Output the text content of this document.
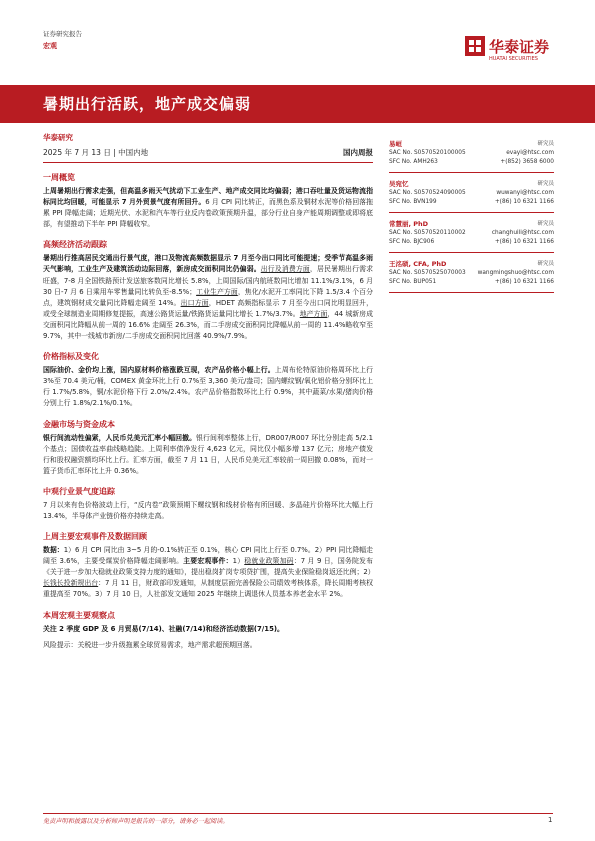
证券研究报告
宏观	华泰证券
HUATAI SECURITIES
暑期出行活跃，地产成交偏弱
华泰研究
2025 年 7 月 13 日 | 中国内地	国内周报
一周概览

上周暑期出行需求走强，但高温多雨天气扰动下工业生产、地产成交同比均偏弱；港口吞吐量及货运物流指标同比均回暖，可能显示 7 月外贸景气度有所回升。6 月 CPI 同比转正，而黑色系及铜材水泥等价格回落拖累 PPI 降幅走阔；近期光伏、水泥和汽车等行业反内卷政策预期升温，部分行业自身产能周期调整或即将底部，有望推动下半年 PPI 降幅收窄。

高频经济活动跟踪

暑期出行推高居民交通出行景气度，港口及物流高频数据显示 7 月至今出口同比可能提速；受季节高温多雨天气影响，工业生产及建筑活动边际回落，新房成交面积同比仍偏弱。出行及消费方面，居民暑期出行需求旺盛，7-8 月全国铁路预计发送旅客数同比增长 5.8%，上周国际/国内航班数同比增加 11.1%/3.1%，6 月 30 日-7 月 6 日乘用车零售量同比转负至-8.5%；工业生产方面，焦化/水泥开工率同比下降 1.5/3.4 个百分点，建筑钢材成交量同比降幅走阔至 14%。出口方面，HDET 高频指标显示 7 月至今出口同比明显回升，或受全球制造业周期修复提振，高速公路货运量/铁路货运量同比增长 1.7%/3.7%。地产方面，44 城新房成交面积同比降幅从前一周的 16.6% 走阔至 26.3%，而二手房成交面积同比降幅从前一周的 11.4%略收窄至 9.7%，其中一线城市新房/二手房成交面积同比回落 40.9%/7.9%。

价格指标及变化

国际油价、金价均上涨，国内原材料价格涨跌互现，农产品价格小幅上行。上周布伦特原油价格周环比上行 3%至 70.4 美元/桶，COMEX 黄金环比上行 0.7%至 3,360 美元/盎司；国内螺纹钢/氧化铝价格分别环比上行 1.7%/5.8%，铜/水泥价格下行 2.0%/2.4%。农产品价格指数环比上行 0.9%，其中蔬菜/水果/猪肉价格分别上行 1.8%/2.1%/0.1%。

金融市场与资金成本

银行间流动性偏紧，人民币兑美元汇率小幅回撤。银行间利率整体上行，DR007/R007 环比分别走高 5/2.1 个基点；国债收益率曲线略趋陡。上周利率债净发行 4,623 亿元，同比仅小幅多增 137 亿元；房地产债发行和股权融资额均环比上行。汇率方面，截至 7 月 11 日，人民币兑美元汇率较前一周回撤 0.08%，而对一篮子货币汇率环比上升 0.36%。

中观行业景气度追踪

7 月以来有色价格波动上行，“反内卷”政策预期下螺纹钢和线材价格有所回暖、多晶硅片价格环比大幅上行 13.4%，半导体产业链价格亦持续走高。

上周主要宏观事件及数据回顾

数据：1）6 月 CPI 同比由 3~5 月的-0.1%转正至 0.1%，核心 CPI 同比上行至 0.7%。2）PPI 同比降幅走阔至 3.6%，主要受煤炭价格降幅走阔影响。主要宏观事件：1）稳就业政策加码：7 月 9 日，国务院发布《关于进一步加大稳就业政策支持力度的通知》，提出稳岗扩岗专项贷扩围，提高失业保险稳岗返还比例；2）长钱长投新规出台：7 月 11 日，财政部印发通知，从制度层面完善保险公司绩效考核体系，降长周期考核权重提高至 70%。3）7 月 10 日，人社部发文通知 2025 年继续上调退休人员基本养老金水平 2%。

本周宏观主要观察点

关注 2 季度 GDP 及 6 月贸易(7/14)、社融(7/14)和经济活动数据(7/15)。

风险提示：关税进一步升级拖累全球贸易需求，地产需求超预期回落。

易峘	研究员
SAC No. S0570520100005	evayi@htsc.com
SFC No. AMH263	+(852) 3658 6000
吴宛忆	研究员
SAC No. S0570524090005	wuwanyi@htsc.com
SFC No. BVN199	+(86) 10 6321 1166
常慧丽, PhD	研究员
SAC No. S0570520110002	changhuili@htsc.com
SFC No. BJC906	+(86) 10 6321 1166
王洺硕, CFA, PhD	研究员
SAC No. S0570525070003 wangmingshuo@htsc.com
SFC No. BUP051	+(86) 10 6321 1166
免责声明和披露以及分析师声明是报告的一部分，请务必一起阅读。	1
